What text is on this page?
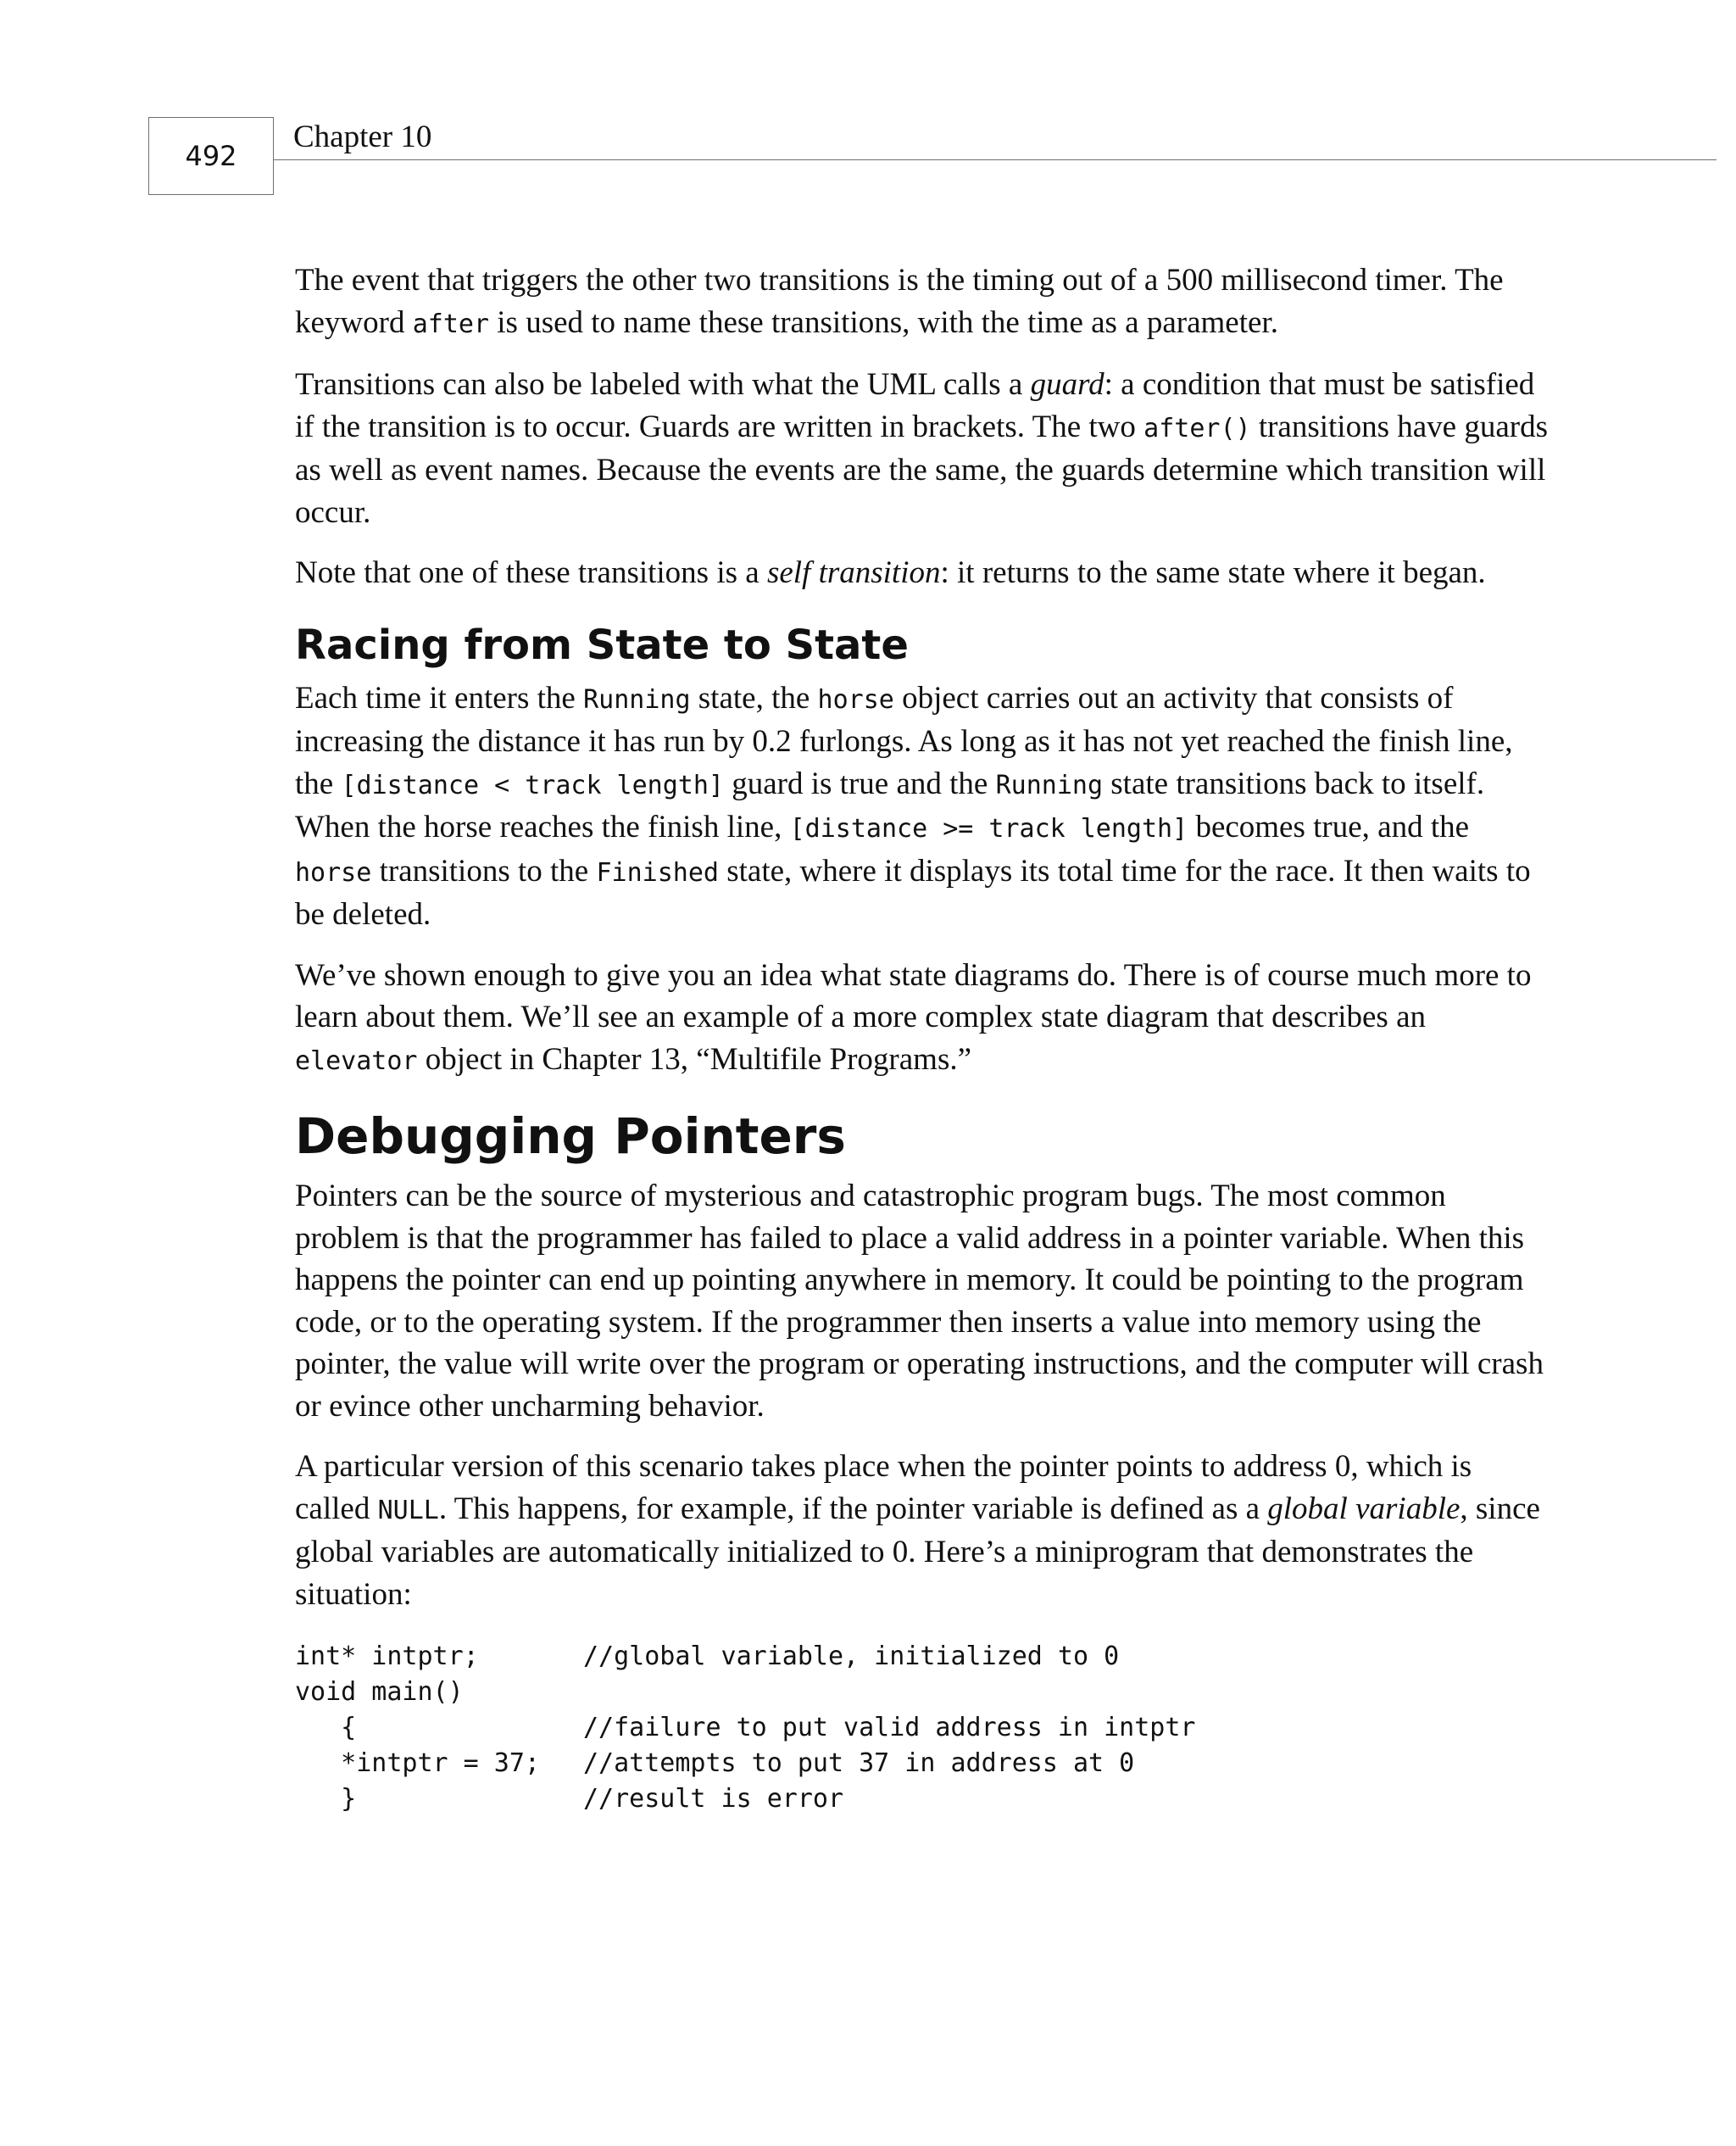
492
Chapter 10

The event that triggers the other two transitions is the timing out of a 500 millisecond timer. The keyword after is used to name these transitions, with the time as a parameter.

Transitions can also be labeled with what the UML calls a guard: a condition that must be satisfied if the transition is to occur. Guards are written in brackets. The two after() transitions have guards as well as event names. Because the events are the same, the guards determine which transition will occur.

Note that one of these transitions is a self transition: it returns to the same state where it began.

Racing from State to State

Each time it enters the Running state, the horse object carries out an activity that consists of increasing the distance it has run by 0.2 furlongs. As long as it has not yet reached the finish line, the [distance < track length] guard is true and the Running state transitions back to itself. When the horse reaches the finish line, [distance >= track length] becomes true, and the horse transitions to the Finished state, where it displays its total time for the race. It then waits to be deleted.

We’ve shown enough to give you an idea what state diagrams do. There is of course much more to learn about them. We’ll see an example of a more complex state diagram that describes an elevator object in Chapter 13, “Multifile Programs.”

Debugging Pointers

Pointers can be the source of mysterious and catastrophic program bugs. The most common problem is that the programmer has failed to place a valid address in a pointer variable. When this happens the pointer can end up pointing anywhere in memory. It could be pointing to the program code, or to the operating system. If the programmer then inserts a value into memory using the pointer, the value will write over the program or operating instructions, and the computer will crash or evince other uncharming behavior.

A particular version of this scenario takes place when the pointer points to address 0, which is called NULL. This happens, for example, if the pointer variable is defined as a global variable, since global variables are automatically initialized to 0. Here’s a miniprogram that demonstrates the situation:

int* intptr;	//global variable, initialized to 0
void main()
{	//failure to put valid address in intptr
*intptr = 37;	//attempts to put 37 in address at 0
}	//result is error
